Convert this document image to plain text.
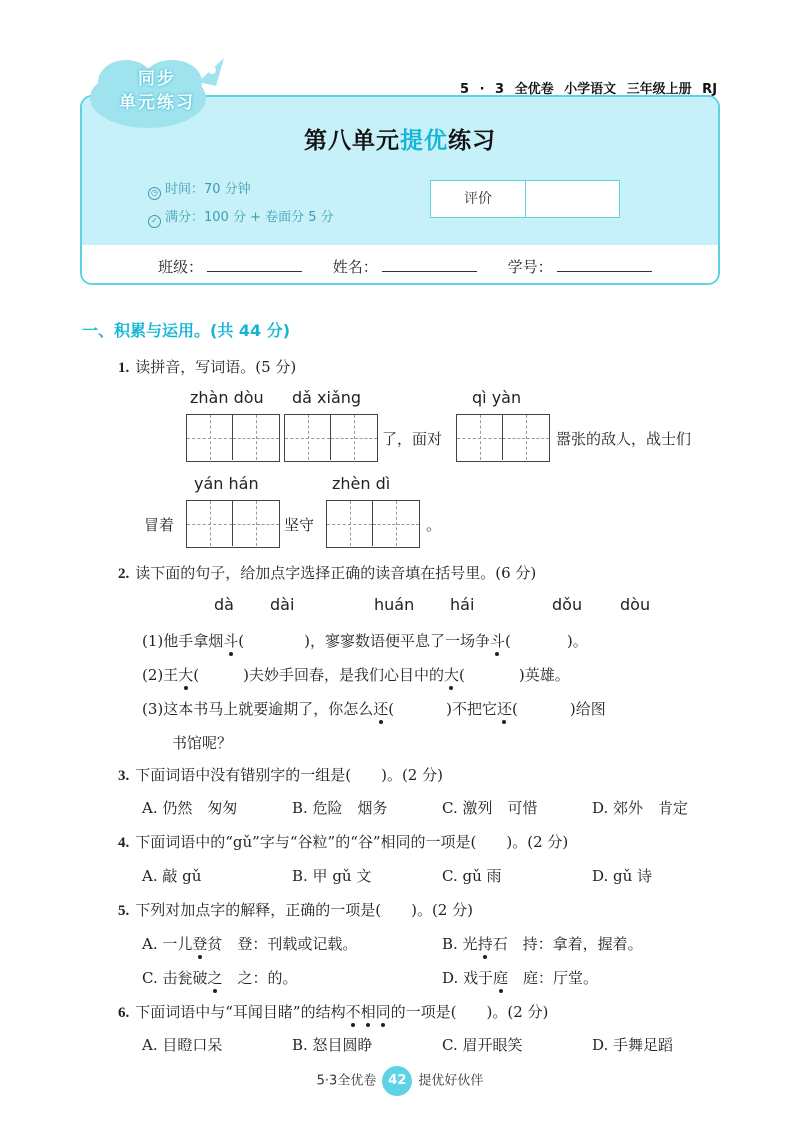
5 · 3 全优卷 小学语文 三年级上册 RJ
同步
单元练习
第八单元提优练习
◷ 时间：70 分钟
✓ 满分：100 分 + 卷面分 5 分
评价
班级：	姓名：	学号：
一、积累与运用。(共 44 分)
1. 读拼音，写词语。(5 分)
zhàn dòu dǎ xiǎng	qì yàn
了，面对	嚣张的敌人，战士们
yán hán	zhèn dì
冒着	坚守	。
2. 读下面的句子，给加点字选择正确的读音填在括号里。(6 分)
dà dài	huán hái	dǒu dòu
(1)他手拿烟斗(	)，寥寥数语便平息了一场争斗(	)。
(2)王大(	)夫妙手回春，是我们心目中的大(	)英雄。
(3)这本书马上就要逾期了，你怎么还(	)不把它还(	)给图
书馆呢？
3. 下面词语中没有错别字的一组是(　　)。(2 分)
A. 仍然　匆匆	B. 危险　烟务	C. 激列　可惜	D. 郊外　肯定
4. 下面词语中的“gǔ”字与“谷粒”的“谷”相同的一项是(　　)。(2 分)
A. 敲 gǔ	B. 甲 gǔ 文	C. gǔ 雨	D. gǔ 诗
5. 下列对加点字的解释，正确的一项是(　　)。(2 分)
A. 一儿登贫　登：刊载或记载。	B. 光持石　持：拿着，握着。
C. 击瓮破之　之：的。	D. 戏于庭　庭：厅堂。
6. 下面词语中与“耳闻目睹”的结构不相同的一项是(　　)。(2 分)
A. 目瞪口呆	B. 怒目圆睁	C. 眉开眼笑	D. 手舞足蹈
5·3全优卷 42 提优好伙伴
